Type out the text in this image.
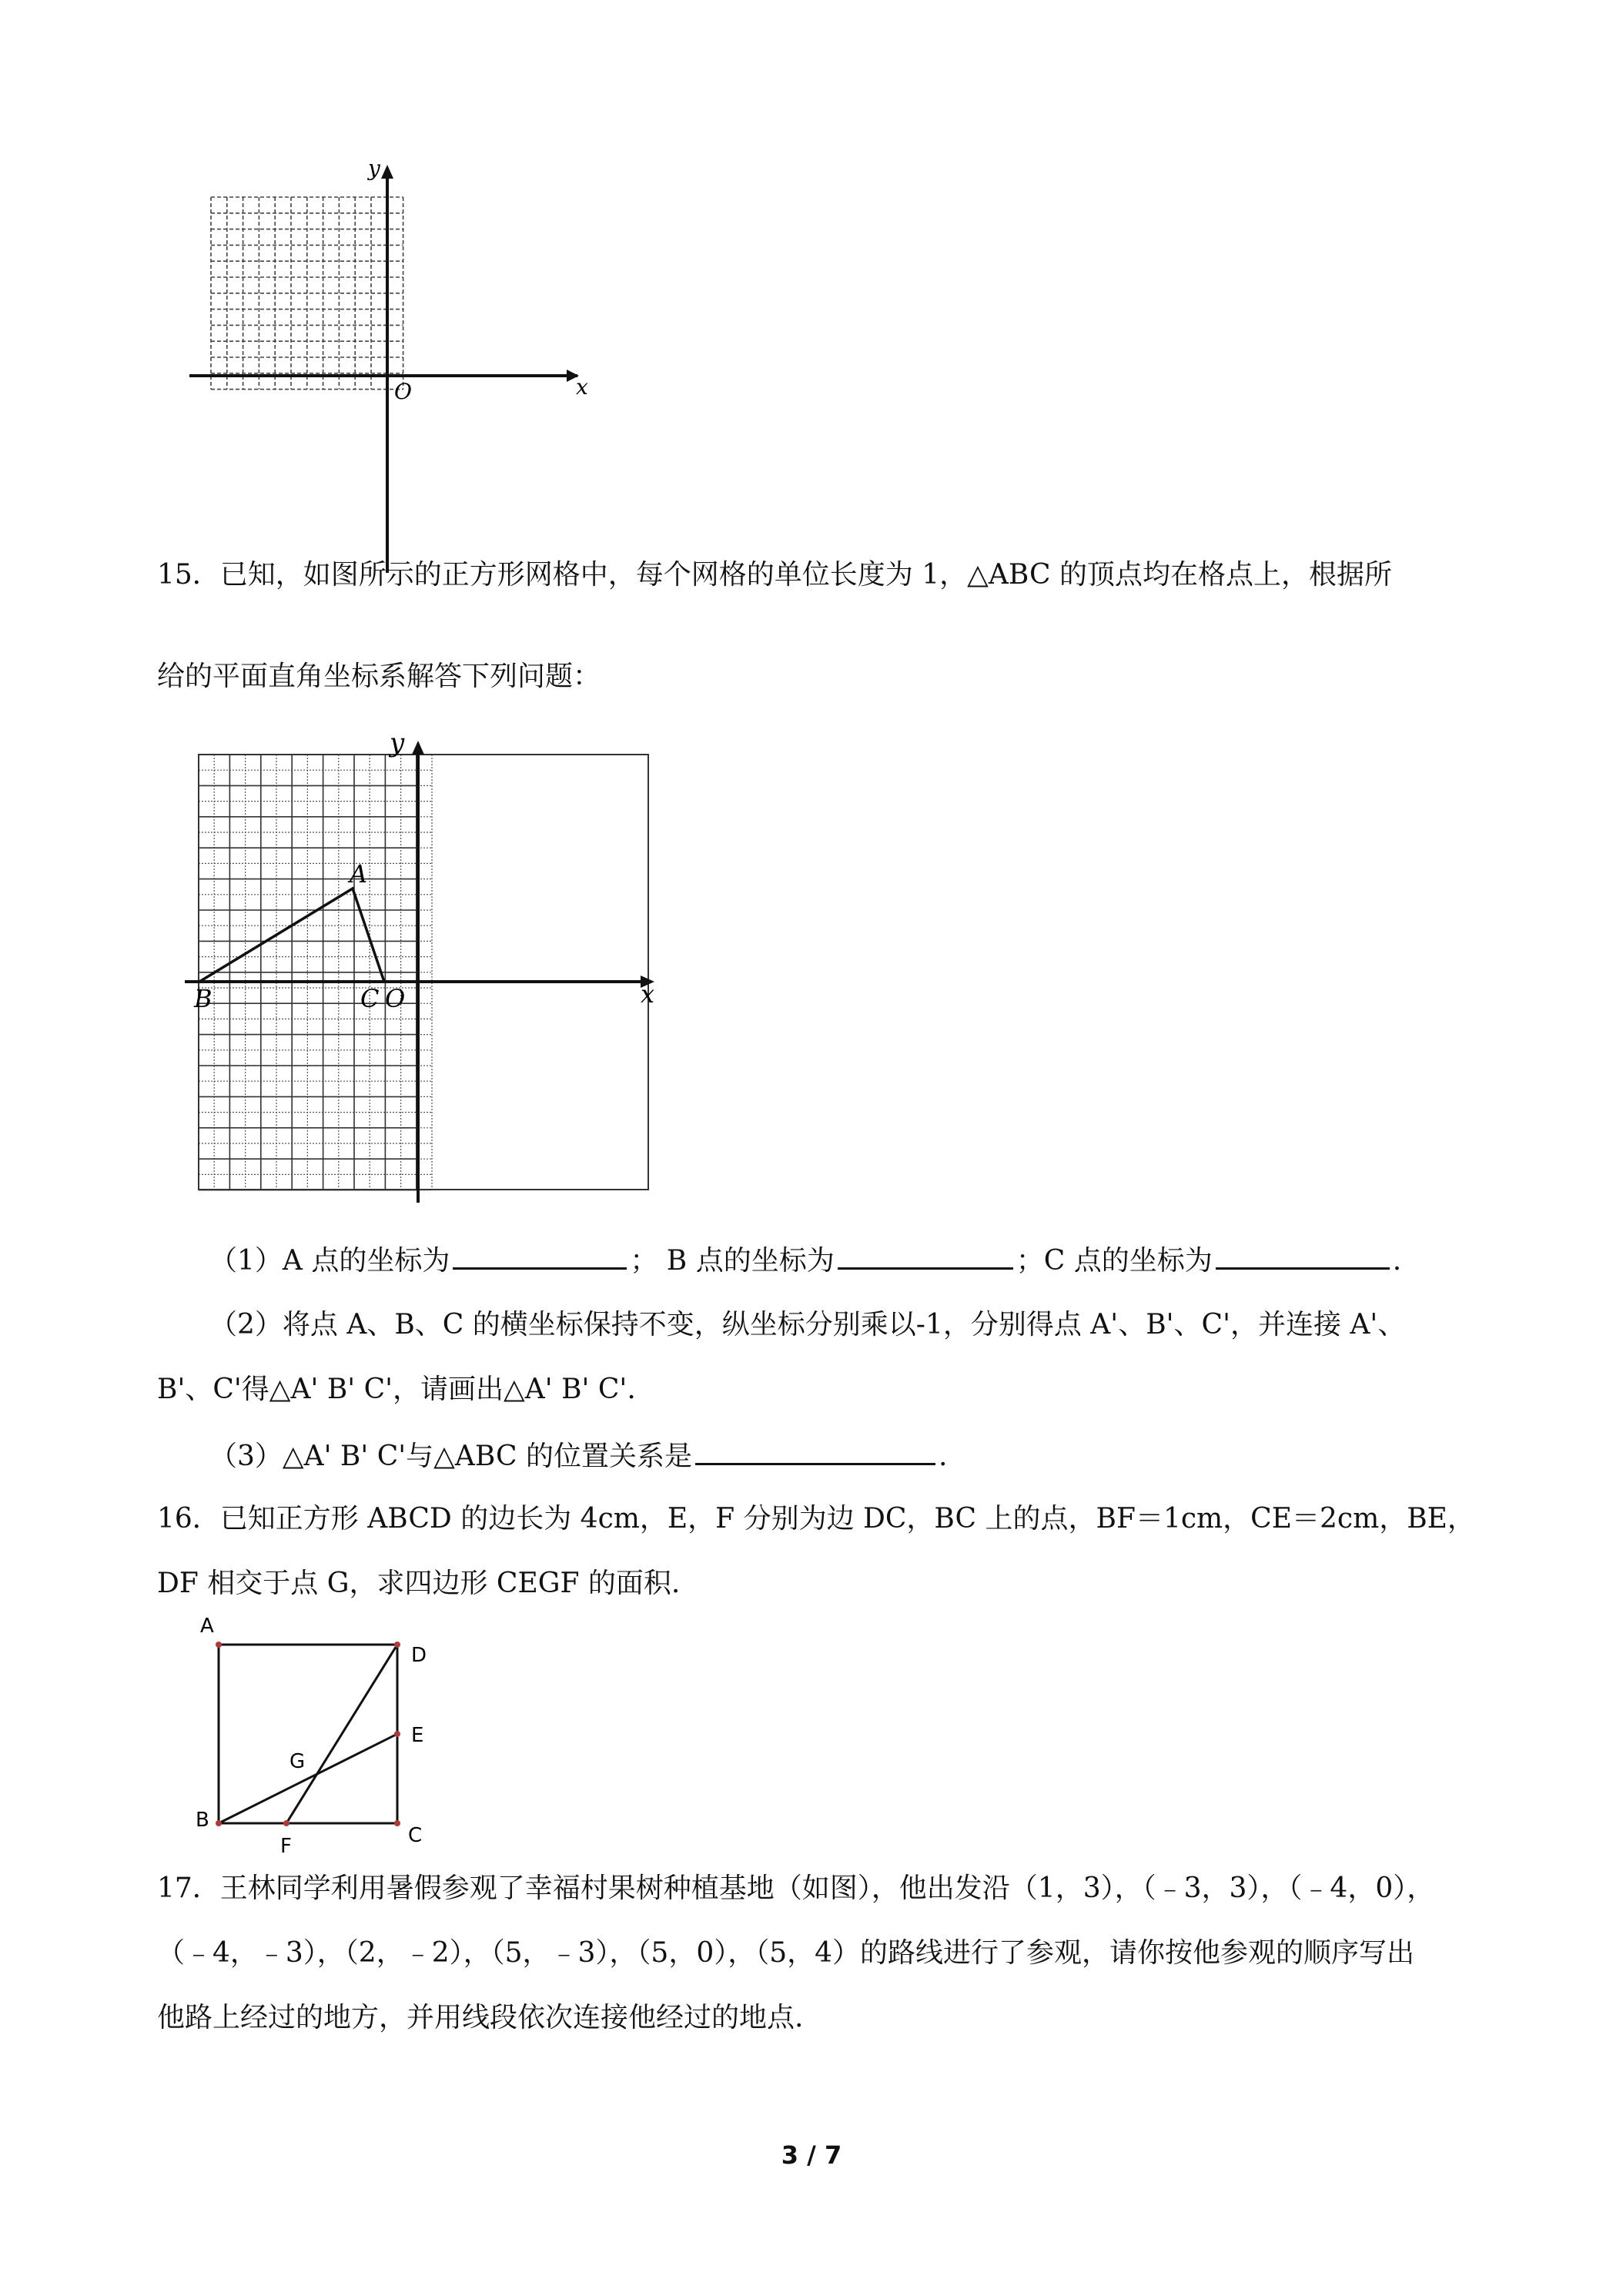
y
x
O
15．已知，如图所示的正方形网格中，每个网格的单位长度为 1，△ABC 的顶点均在格点上，根据所
给的平面直角坐标系解答下列问题：
y
x
A
B	C O
（1）A 点的坐标为	； B 点的坐标为	；C 点的坐标为	.
（2）将点 A、B、C 的横坐标保持不变，纵坐标分别乘以-1，分别得点 A'、B'、C'，并连接 A'、
B'、C'得△A' B' C'，请画出△A' B' C'.
（3）△A' B' C'与△ABC 的位置关系是	.
16．已知正方形 ABCD 的边长为 4cm，E，F 分别为边 DC，BC 上的点，BF＝1cm，CE＝2cm，BE，
DF 相交于点 G，求四边形 CEGF 的面积.
A
D
E
G
B
F	C
17．王林同学利用暑假参观了幸福村果树种植基地（如图），他出发沿（1，3），（﹣3，3），（﹣4，0），
（﹣4，﹣3），（2，﹣2），（5，﹣3），（5，0），（5，4）的路线进行了参观，请你按他参观的顺序写出
他路上经过的地方，并用线段依次连接他经过的地点.
3 / 7
